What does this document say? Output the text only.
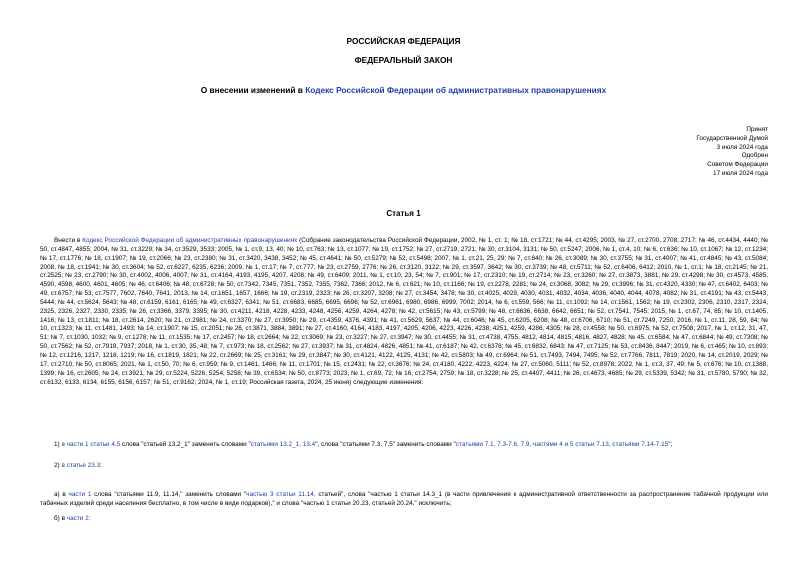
РОССИЙСКАЯ ФЕДЕРАЦИЯ
ФЕДЕРАЛЬНЫЙ ЗАКОН
О внесении изменений в Кодекс Российской Федерации об административных правонарушениях
Принят
Государственной Думой
3 июля 2024 года
Одобрен
Советом Федерации
17 июля 2024 года
Статья 1

Внести в Кодекс Российской Федерации об административных правонарушениях (Собрание законодательства Российской Федерации, 2002, № 1, ст. 1; № 18, ст.1721; № 44, ст.4295; 2003, № 27, ст.2700, 2708, 2717; № 46, ст.4434, 4440; № 50, ст.4847, 4855; 2004, № 31, ст.3229; № 34, ст.3529, 3533; 2005, № 1, ст.9, 13, 40; № 10, ст.763; № 13, ст.1077; № 19, ст.1752; № 27, ст.2719, 2721; № 30, ст.3104, 3131; № 50, ст.5247; 2006, № 1, ст.4, 10; № 6, ст.636; № 10, ст.1067; № 12, ст.1234; № 17, ст.1776; № 18, ст.1907; № 19, ст.2066; № 23, ст.2380; № 31, ст.3420, 3438, 3452; № 45, ст.4641; № 50, ст.5279; № 52, ст.5498; 2007, № 1, ст.21, 25, 29; № 7, ст.840; № 26, ст.3089; № 30, ст.3755; № 31, ст.4007; № 41, ст.4845; № 43, ст.5084; 2008, № 18, ст.1941; № 30, ст.3604; № 52, ст.6227, 6235, 6236; 2009, № 1, ст.17; № 7, ст.777; № 23, ст.2759, 2776; № 26, ст.3120, 3122; № 29, ст.3597, 3642; № 30, ст.3739; № 48, ст.5711; № 52, ст.6406, 6412; 2010, № 1, ст.1; № 18, ст.2145; № 21, ст.2525; № 23, ст.2790; № 30, ст.4002, 4006, 4007; № 31, ст.4164, 4193, 4195, 4207, 4208; № 49, ст.6409; 2011, № 1, ст.10, 23, 54; № 7, ст.901; № 17, ст.2310; № 19, ст.2714; № 23, ст.3260; № 27, ст.3873, 3881; № 29, ст.4298; № 30, ст.4573, 4585, 4590, 4598, 4600, 4601, 4605; № 46, ст.6406; № 48, ст.6728; № 50, ст.7342, 7345, 7351, 7352, 7355, 7362, 7366; 2012, № 6, ст.621; № 10, ст.1166; № 19, ст.2278, 2281; № 24, ст.3068, 3082; № 29, ст.3996; № 31, ст.4320, 4330; № 47, ст.6402, 6403; № 49, ст.6757; № 53, ст.7577, 7602, 7640, 7641, 2013, № 14, ст.1651, 1657, 1666; № 19, ст.2319, 2323; № 26, ст.3207, 3208; № 27, ст.3454, 3478; № 30, ст.4025, 4029, 4030, 4031, 4032, 4034, 4036, 4040, 4044, 4078, 4082; № 31, ст.4191; № 43, ст.5443, 5444; № 44, ст.5624, 5643; № 48, ст.6159, 6161, 6165; № 49, ст.6327, 6341; № 51, ст.6683, 6685, 6695, 6696; № 52, ст.6961, 6980, 6986, 6999, 7002; 2014, № 6, ст.559, 566; № 11, ст.1092; № 14, ст.1561, 1562; № 19, ст.2302, 2306, 2310, 2317, 2324, 2325, 2326, 2327, 2330, 2335; № 26, ст.3366, 3379, 3395; № 30, ст.4211, 4218, 4228, 4233, 4248, 4256, 4259, 4264, 4278; № 42, ст.5615; № 43, ст.5799; № 48, ст.6636, 6638, 6642, 6651; № 52, ст.7541, 7545; 2015, № 1, ст.67, 74, 85; № 10, ст.1405, 1416; № 13, ст.1811; № 18, ст.2614, 2620; № 21, ст.2981; № 24, ст.3370; № 27, ст.3950; № 29, ст.4359, 4376, 4391; № 41, ст.5629, 5637; № 44, ст.6046; № 45, ст.6205, 6208; № 48, ст.6706, 6710; № 51, ст.7249, 7250; 2016, № 1, ст.11, 28, 59, 84; № 10, ст.1323; № 11, ст.1481, 1493; № 14, ст.1907; № 15, ст.2051; № 26, ст.3871, 3884, 3891; № 27, ст.4160, 4164, 4183, 4197, 4205, 4206, 4223, 4226, 4238, 4251, 4259, 4286, 4305; № 28, ст.4558; № 50, ст.6975; № 52, ст.7508; 2017, № 1, ст.12, 31, 47, 51; № 7, ст.1030, 1032; № 9, ст.1278; № 11, ст.1535; № 17, ст.2457; № 18, ст.2664; № 22, ст.3069; № 23, ст.3227; № 27, ст.3947; № 30, ст.4455; № 31, ст.4738, 4755, 4812, 4814, 4815, 4816, 4827, 4828; № 45, ст.6584; № 47, ст.6844; № 49, ст.7308; № 50, ст.7562; № 52, ст.7919, 7937; 2018, № 1, ст.30, 35, 48; № 7, ст.973; № 18, ст.2562; № 27, ст.3937; № 31, ст.4824, 4826, 4851; № 41, ст.6187; № 42, ст.6378; № 45, ст.6832, 6843; № 47, ст.7125; № 53, ст.8436, 8447; 2019, № 6, ст.465; № 10, ст.893; № 12, ст.1216, 1217, 1218, 1219; № 16, ст.1819, 1821; № 22, ст.2669; № 25, ст.3161; № 29, ст.3847; № 30, ст.4121, 4122, 4125, 4131; № 42, ст.5803; № 49, ст.6964; № 51, ст.7493, 7494, 7495; № 52, ст.7766, 7811, 7819; 2020, № 14, ст.2019, 2029; № 17, ст.2710; № 50, ст.8065; 2021, № 1, ст.50, 70; № 6, ст.959; № 9, ст.1461, 1466; № 11, ст.1701; № 15, ст.2431; № 22, ст.3676; № 24, ст.4180, 4222, 4223, 4224; № 27, ст.5060, 5111; № 52, ст.8978; 2022, № 1, ст.3, 37, 49; № 5, ст.676; № 10, ст.1388, 1399; № 16, ст.2605; № 24, ст.3921; № 29, ст.5224, 5226, 5254, 5258; № 39, ст.6534; № 50, ст.8773; 2023, № 1, ст.69, 72; № 16, ст.2754, 2759; № 18, ст.3228; № 25, ст.4407, 4411; № 26, ст.4673, 4685; № 29, ст.5339, 5342; № 31, ст.5780, 5790; № 32, ст.6132, 6133, 6134, 6155, 6156, 6157; № 51, ст.9162; 2024, № 1, ст.19; Российская газета, 2024, 25 июня) следующие изменения:

1) в части 1 статьи 4.5 слова "статьей 13.2_1" заменить словами "статьями 13.2_1, 13.4", слова "статьями 7.3, 7.5" заменить словами "статьями 7.1, 7.3-7.6, 7.9, частями 4 и 5 статьи 7.13, статьями 7.14-7.15";

2) в статье 23.3:

а) в части 1 слова "статьями 11.9, 11.14," заменить словами "частью 3 статьи 11.14, статьей", слова "частью 1 статьи 14.3_1 (в части привлечения к административной ответственности за распространение табачной продукции или табачных изделий среди населения бесплатно, в том числе в виде подарков)," и слова "частью 1 статьи 20.23, статьей 20.24," исключить;

б) в части 2:
